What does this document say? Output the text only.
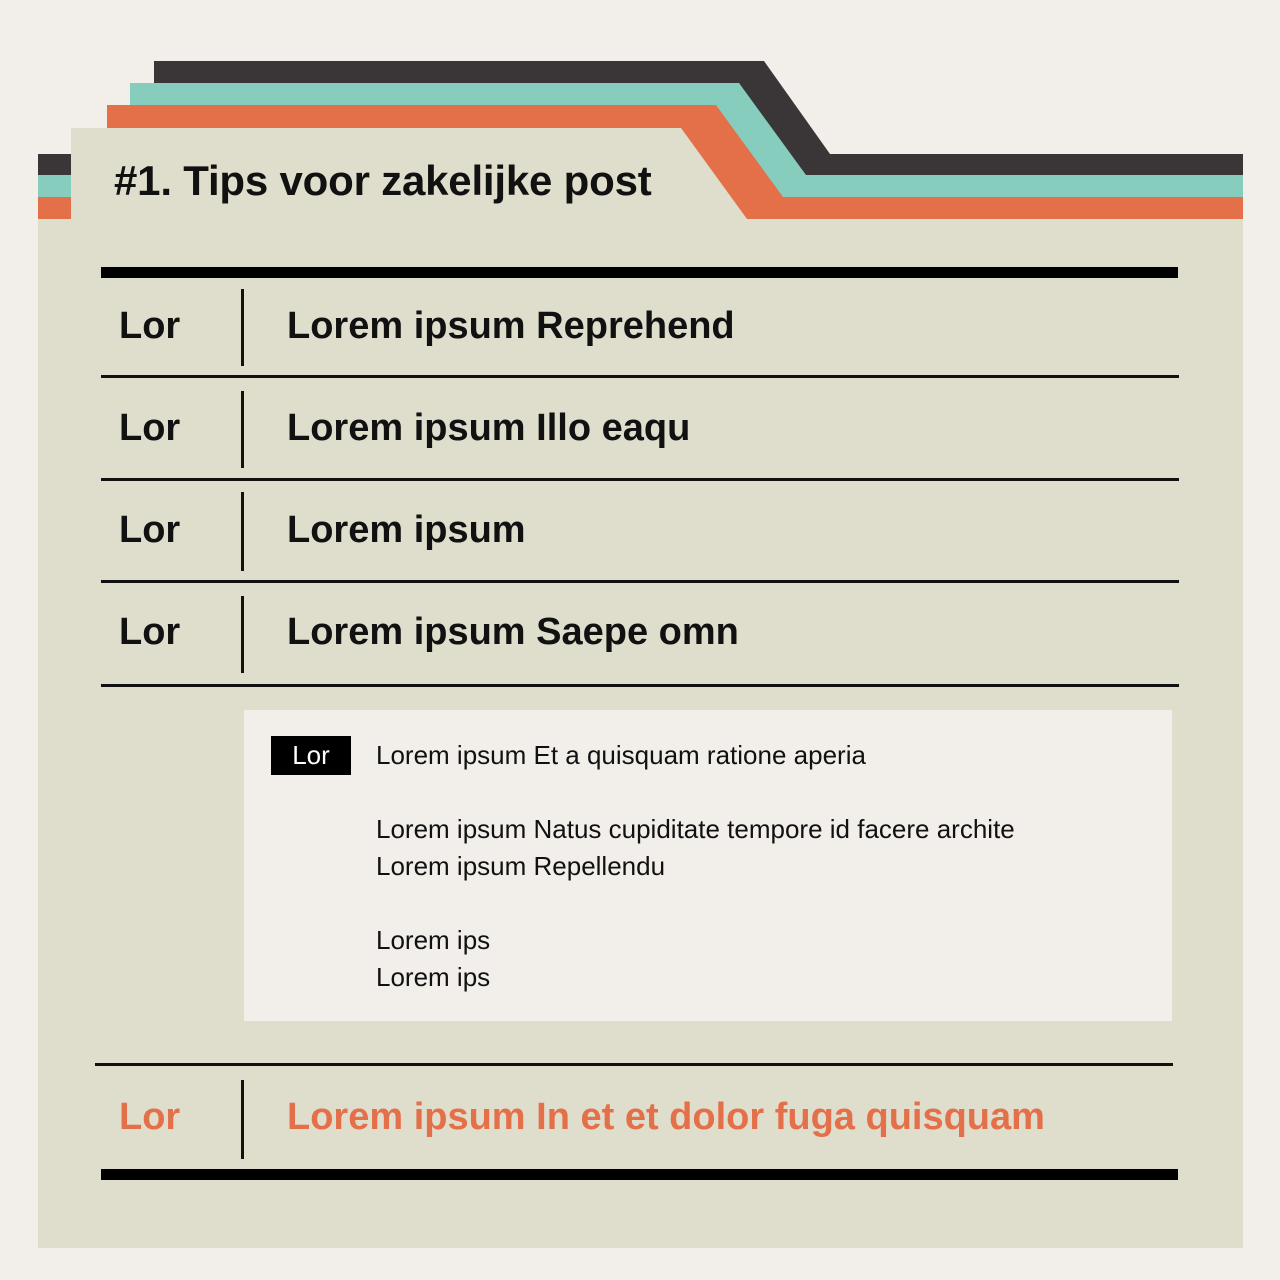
#1. Tips voor zakelijke post
Lor	Lorem ipsum Reprehend
Lor	Lorem ipsum Illo eaqu
Lor	Lorem ipsum
Lor	Lorem ipsum Saepe omn
Lor	Lorem ipsum Et a quisquam ratione aperia
Lorem ipsum Natus cupiditate tempore id facere archite
Lorem ipsum Repellendu
Lorem ips
Lorem ips
Lor	Lorem ipsum In et et dolor fuga quisquam
